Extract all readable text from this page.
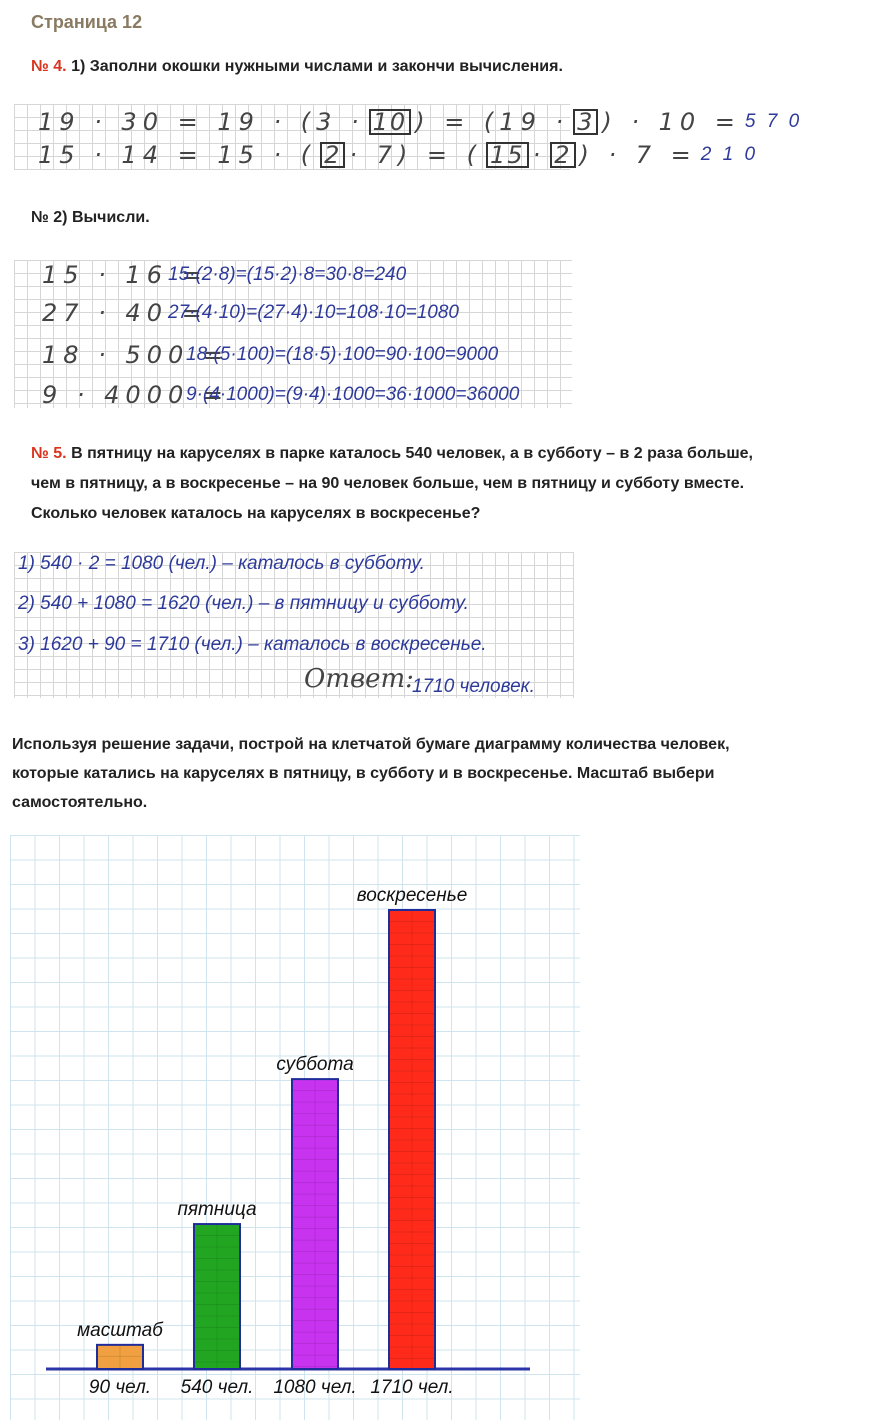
Страница 12
№ 4. 1) Заполни окошки нужными числами и закончи вычисления.
19 · 30 = 19 · (3 · 10 ) = (19 · 3 ) · 10 = 5 7 0
15 · 14 = 15 · ( 2 · 7) = ( 15 · 2 ) · 7 = 2 1 0
№ 2) Вычисли.
15 · 16 =
15·(2·8)=(15·2)·8=30·8=240
27 · 40 =
27·(4·10)=(27·4)·10=108·10=1080
18 · 500 =
18·(5·100)=(18·5)·100=90·100=9000
9 · 4000 =
9·(4·1000)=(9·4)·1000=36·1000=36000
№ 5. В пятницу на каруселях в парке каталось 540 человек, а в субботу – в 2 раза больше,
чем в пятницу, а в воскресенье – на 90 человек больше, чем в пятницу и субботу вместе.
Сколько человек каталось на каруселях в воскресенье?
1) 540 · 2 = 1080 (чел.) – каталось в субботу.
2) 540 + 1080 = 1620 (чел.) – в пятницу и субботу.
3) 1620 + 90 = 1710 (чел.) – каталось в воскресенье.
Ответ:
1710 человек.
Используя решение задачи, построй на клетчатой бумаге диаграмму количества человек,
которые катались на каруселях в пятницу, в субботу и в воскресенье. Масштаб выбери
самостоятельно.
масштаб
90 чел.
пятница
540 чел.
суббота
1080 чел.
воскресенье
1710 чел.
